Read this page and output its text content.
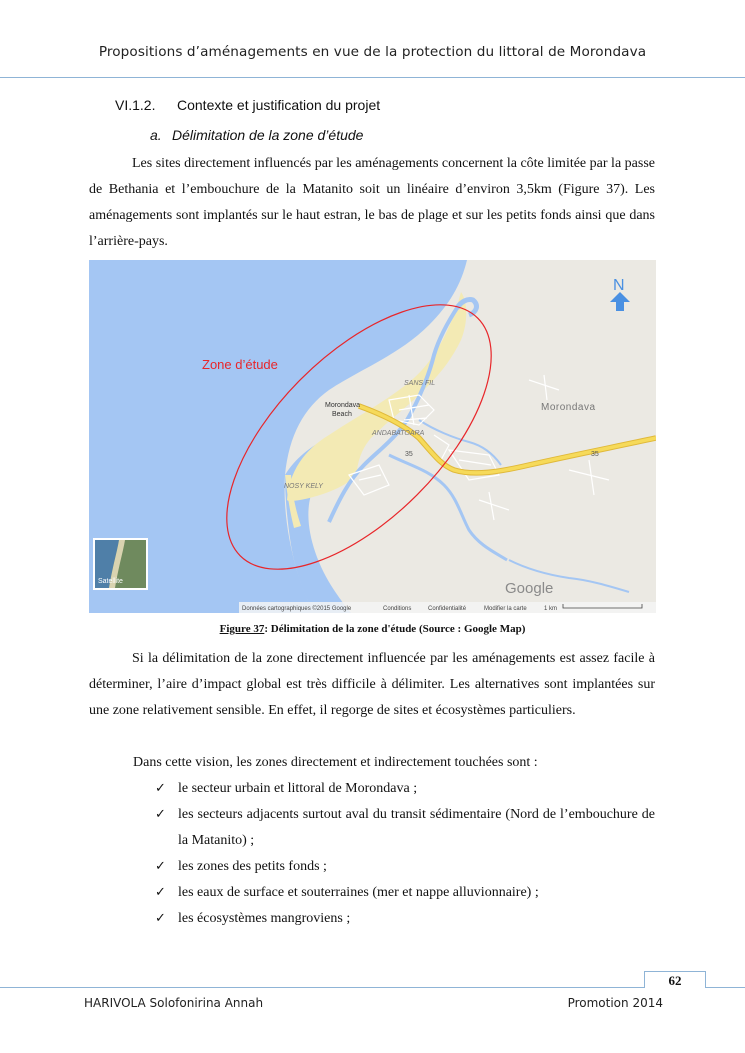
Propositions d’aménagements en vue de la protection du littoral de Morondava
VI.1.2. Contexte et justification du projet
a. Délimitation de la zone d’étude

Les sites directement influencés par les aménagements concernent la côte limitée par la passe de Bethania et l’embouchure de la Matanito soit un linéaire d’environ 3,5km (Figure 37). Les aménagements sont implantés sur le haut estran, le bas de plage et sur les petits fonds ainsi que dans l’arrière-pays.

Zone d’étude
Morondava
Beach
SANS FIL
Morondava
ANDABATOARA
NOSY KELY
35	35
N
Satellite	Google
Données cartographiques ©2015 Google	Conditions	Confidentialité	Modifier la carte	1 km
Figure 37: Délimitation de la zone d'étude (Source : Google Map)

Si la délimitation de la zone directement influencée par les aménagements est assez facile à déterminer, l’aire d’impact global est très difficile à délimiter. Les alternatives sont implantées sur une zone relativement sensible. En effet, il regorge de sites et écosystèmes particuliers.

Dans cette vision, les zones directement et indirectement touchées sont :

✓ le secteur urbain et littoral de Morondava ;
✓ les secteurs adjacents surtout aval du transit sédimentaire (Nord de l’embouchure de la Matanito) ;
✓ les zones des petits fonds ;
✓ les eaux de surface et souterraines (mer et nappe alluvionnaire) ;
✓ les écosystèmes mangroviens ;
62
HARIVOLA Solofonirina Annah	Promotion 2014
